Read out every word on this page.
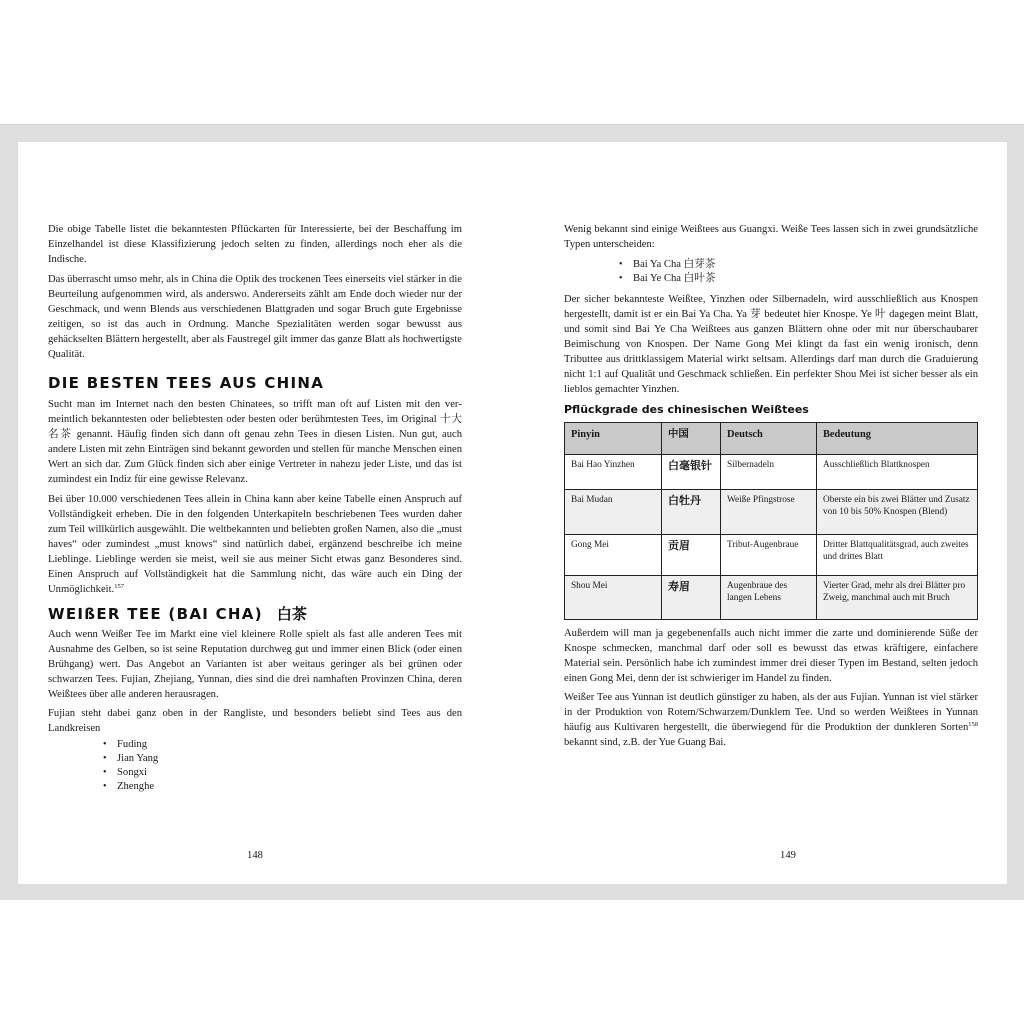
Die obige Tabelle listet die bekanntesten Pflückarten für Interessierte, bei der Beschaffung im Einzelhandel ist diese Klassifizierung jedoch selten zu finden, allerdings noch eher als die Indische.

Das überrascht umso mehr, als in China die Optik des trockenen Tees einerseits viel stärker in die Beurteilung aufgenommen wird, als anderswo. Andererseits zählt am Ende doch wieder nur der Geschmack, und wenn Blends aus verschiedenen Blattgraden und sogar Bruch gute Ergebnisse zeitigen, so ist das auch in Ordnung. Manche Spezialitäten werden sogar bewusst aus gehäckselten Blättern hergestellt, aber als Faustregel gilt immer das ganze Blatt als hochwertigste Qualität.

DIE BESTEN TEES AUS CHINA

Sucht man im Internet nach den besten Chinatees, so trifft man oft auf Listen mit den vermeintlich bekanntesten oder beliebtesten oder besten oder berühmtesten Tees, im Original 十大名茶 genannt. Häufig finden sich dann oft genau zehn Tees in diesen Listen. Nun gut, auch andere Listen mit zehn Einträgen sind bekannt geworden und stellen für manche Menschen einen Wert an sich dar. Zum Glück finden sich aber einige Vertreter in nahezu jeder Liste, und das ist zumindest ein Indiz für eine gewisse Relevanz.

Bei über 10.000 verschiedenen Tees allein in China kann aber keine Tabelle einen Anspruch auf Vollständigkeit erheben. Die in den folgenden Unterkapiteln beschriebenen Tees wurden daher zum Teil willkürlich ausgewählt. Die weltbekannten und beliebten großen Namen, also die „must haves“ oder zumindest „must knows“ sind natürlich dabei, ergänzend beschreibe ich meine Lieblinge. Lieblinge werden sie meist, weil sie aus meiner Sicht etwas ganz Besonderes sind. Einen Anspruch auf Vollständigkeit hat die Sammlung nicht, das wäre auch ein Ding der Unmöglichkeit.$^{157}$

WEIßER TEE (BAI CHA) 白茶

Auch wenn Weißer Tee im Markt eine viel kleinere Rolle spielt als fast alle anderen Tees mit Ausnahme des Gelben, so ist seine Reputation durchweg gut und immer einen Blick (oder einen Brühgang) wert. Das Angebot an Varianten ist aber weitaus geringer als bei grünen oder schwarzen Tees. Fujian, Zhejiang, Yunnan, dies sind die drei namhaften Provinzen China, deren Weißtees über alle anderen herausragen.

Fujian steht dabei ganz oben in der Rangliste, und besonders beliebt sind Tees aus den Landkreisen

• Fuding
• Jian Yang
• Songxi
• Zhenghe
148

Wenig bekannt sind einige Weißtees aus Guangxi. Weiße Tees lassen sich in zwei grundsätzliche Typen unterscheiden:

• Bai Ya Cha 白芽茶
• Bai Ye Cha 白叶茶

Der sicher bekannteste Weißtee, Yinzhen oder Silbernadeln, wird ausschließlich aus Knospen hergestellt, damit ist er ein Bai Ya Cha. Ya 芽 bedeutet hier Knospe. Ye 叶 dagegen meint Blatt, und somit sind Bai Ye Cha Weißtees aus ganzen Blättern ohne oder mit nur überschaubarer Beimischung von Knospen. Der Name Gong Mei klingt da fast ein wenig ironisch, denn Tributtee aus drittklassigem Material wirkt seltsam. Allerdings darf man durch die Graduierung nicht 1:1 auf Qualität und Geschmack schließen. Ein perfekter Shou Mei ist sicher besser als ein lieblos gemachter Yinzhen.

Pflückgrade des chinesischen Weißtees
Pinyin	中国	Deutsch	Bedeutung
Bai Hao Yinzhen	白毫银针	Silbernadeln	Ausschließlich Blattknospen
Bai Mudan	白牡丹	Weiße Pfingstrose	Oberste ein bis zwei Blätter und Zusatz von 10 bis 50% Knospen (Blend)
Gong Mei	贡眉	Tribut-Augenbraue	Dritter Blattqualitätsgrad, auch zweites und drittes Blatt
Shou Mei	寿眉	Augenbraue des langen Lebens	Vierter Grad, mehr als drei Blätter pro Zweig, manchmal auch mit Bruch

Außerdem will man ja gegebenenfalls auch nicht immer die zarte und dominierende Süße der Knospe schmecken, manchmal darf oder soll es bewusst das etwas kräftigere, einfachere Material sein. Persönlich habe ich zumindest immer drei dieser Typen im Bestand, selten jedoch einen Gong Mei, denn der ist schwieriger im Handel zu finden.

Weißer Tee aus Yunnan ist deutlich günstiger zu haben, als der aus Fujian. Yunnan ist viel stärker in der Produktion von Rotem/Schwarzem/Dunklem Tee. Und so werden Weißtees in Yunnan häufig aus Kultivaren hergestellt, die überwiegend für die Produktion der dunkleren Sorten$^{158}$ bekannt sind, z.B. der Yue Guang Bai.

149
